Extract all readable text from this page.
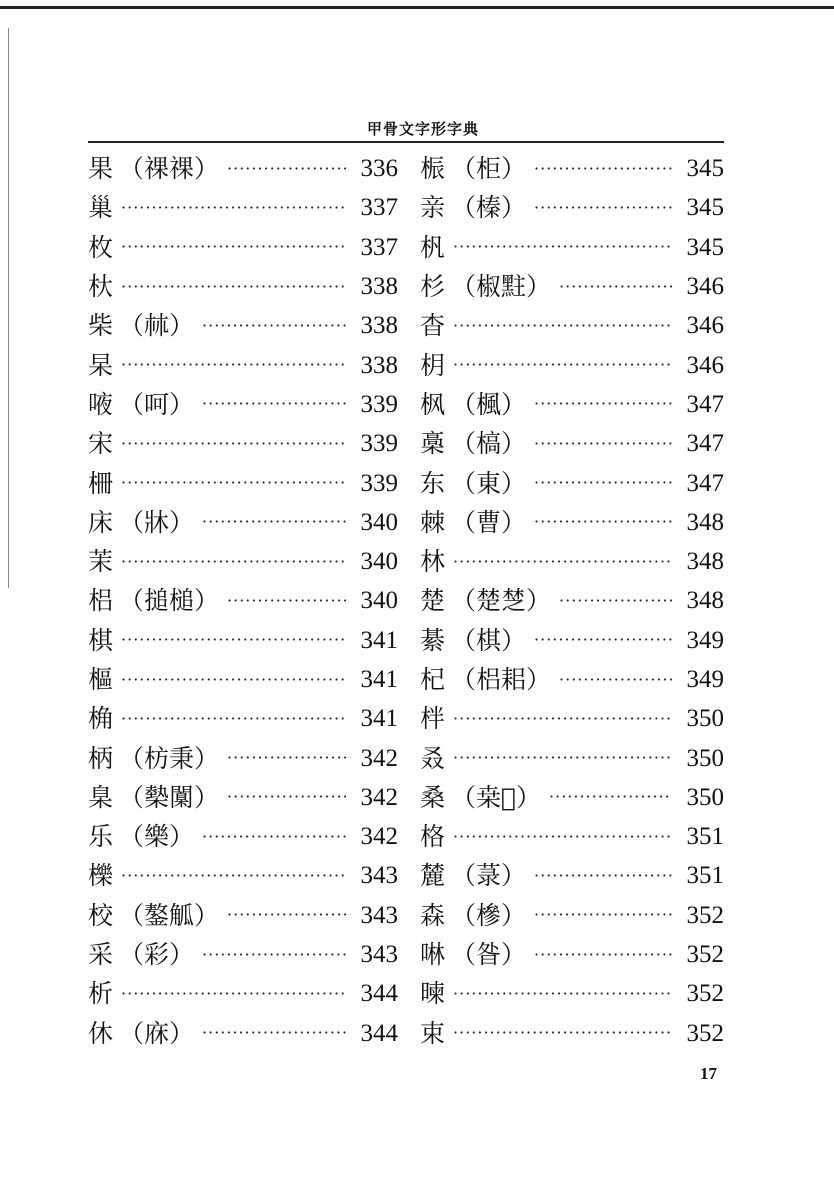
甲骨文字形字典
果 （祼祼） ·····	336
巢 ·····	337
枚 ·····	337
杕 ·····	338
柴 （𣏟） ·····	338
杲 ·····	338
㖡 （呵） ·····	339
宋 ·····	339
柵 ·····	339
床 （牀） ·····	340
茉 ·····	340
梠 （搥槌） ·····	340
棋 ·····	341
樞 ·····	341
桷 ·····	341
柄 （枋秉） ·····	342
臬 （槷闑） ·····	342
乐 （樂） ·····	342
櫟 ·····	343
校 （鏊觚） ·····	343
采 （彩） ·····	343
析 ·····	344
休 （庥） ·····	344
桭 （柜） ·····	345
亲 （榛） ·····	345
杋 ·····	345
杉 （椒𪐴） ·····	346
杳 ·····	346
枂 ·····	346
枫 （楓） ·····	347
槀 （槁） ·····	347
东 （東） ·····	347
棘 （曹） ·····	348
林 ·····	348
楚 （楚椘） ·····	348
綦 （棋） ·····	349
杞 （梠耜） ·····	349
柈 ·····	350
叒 ·····	350
桑 （桒𠄫） ·····	350
格 ·····	351
麓 （菉） ·····	351
森 （槮） ·····	352
啉 （昝） ·····	352
暕 ·····	352
束 ·····	352
17
